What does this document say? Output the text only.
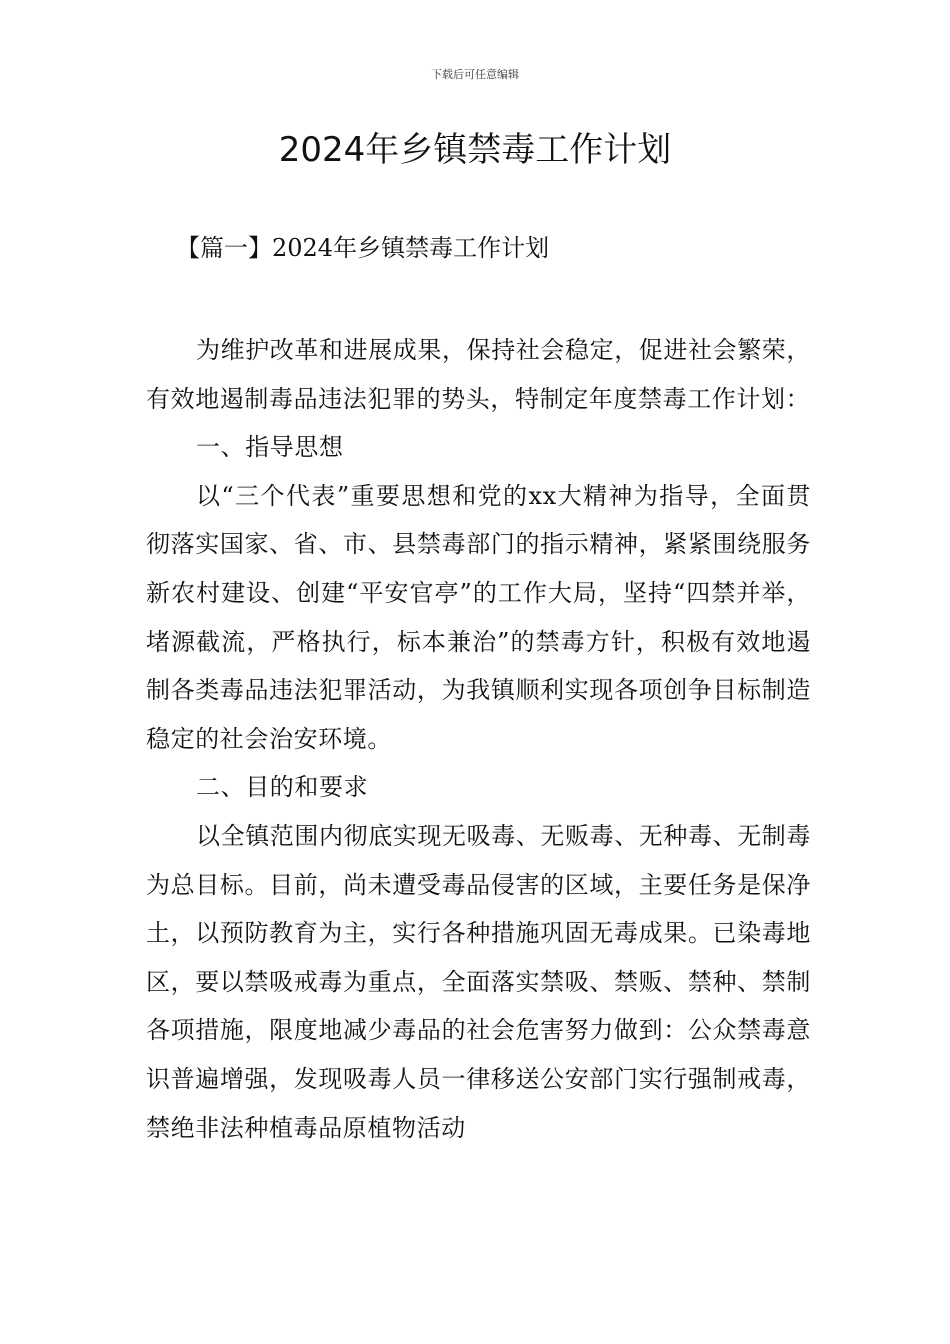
下载后可任意编辑
2024年乡镇禁毒工作计划

【篇一】2024年乡镇禁毒工作计划

为维护改革和进展成果，保持社会稳定，促进社会繁荣，有效地遏制毒品违法犯罪的势头，特制定年度禁毒工作计划：

一、指导思想

以“三个代表”重要思想和党的xx大精神为指导，全面贯彻落实国家、省、市、县禁毒部门的指示精神，紧紧围绕服务新农村建设、创建“平安官亭”的工作大局，坚持“四禁并举，堵源截流，严格执行，标本兼治”的禁毒方针，积极有效地遏制各类毒品违法犯罪活动，为我镇顺利实现各项创争目标制造稳定的社会治安环境。

二、目的和要求

以全镇范围内彻底实现无吸毒、无贩毒、无种毒、无制毒为总目标。目前，尚未遭受毒品侵害的区域，主要任务是保净土，以预防教育为主，实行各种措施巩固无毒成果。已染毒地区，要以禁吸戒毒为重点，全面落实禁吸、禁贩、禁种、禁制各项措施，限度地减少毒品的社会危害努力做到：公众禁毒意识普遍增强，发现吸毒人员一律移送公安部门实行强制戒毒，禁绝非法种植毒品原植物活动
